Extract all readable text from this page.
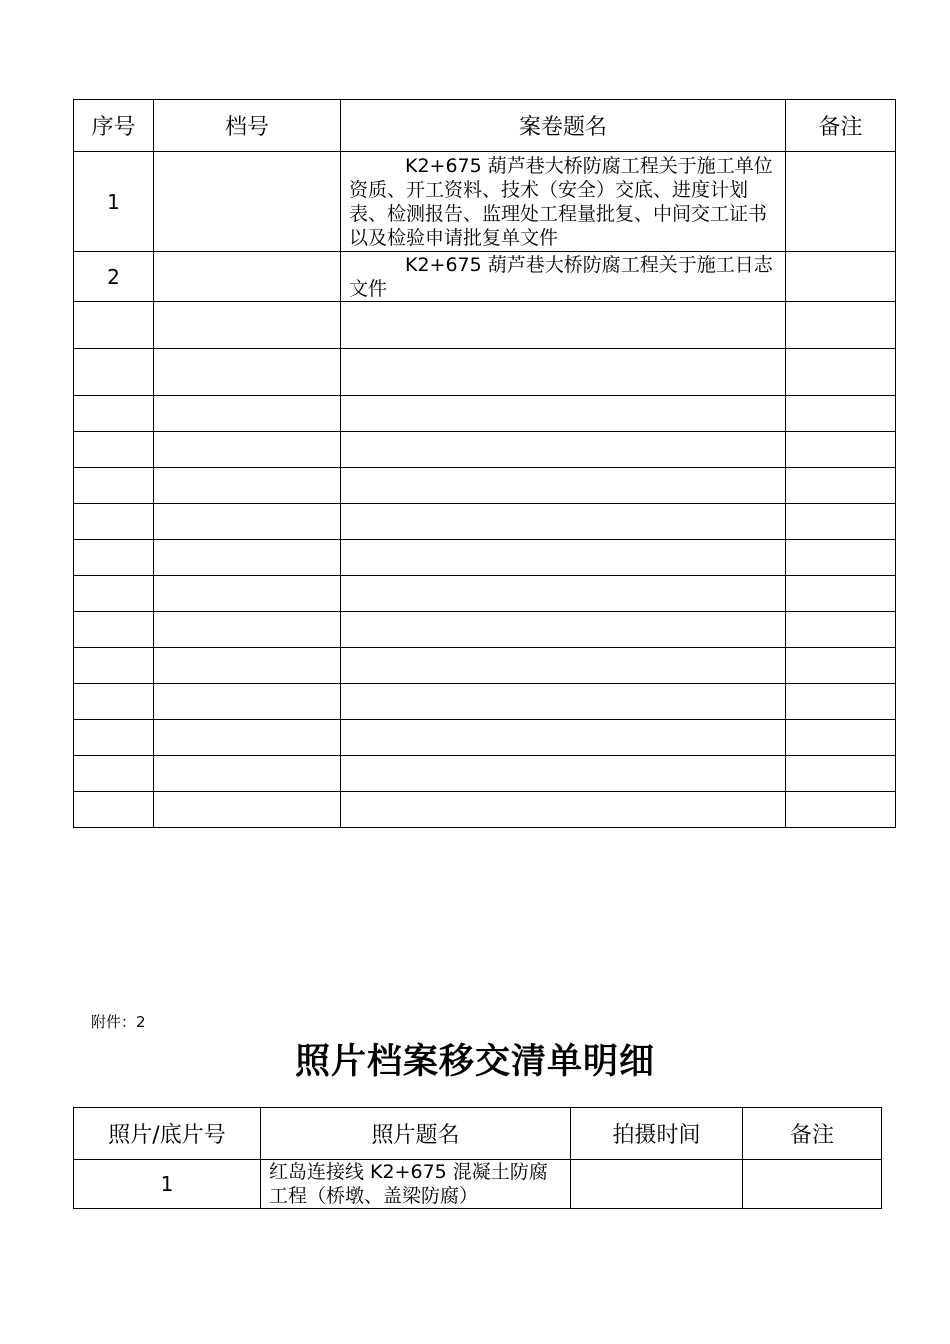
序号	档号	案卷题名	备注
1		K2+675 葫芦巷大桥防腐工程关于施工单位资质、开工资料、技术（安全）交底、进度计划表、检测报告、监理处工程量批复、中间交工证书以及检验申请批复单文件	
2		K2+675 葫芦巷大桥防腐工程关于施工日志文件	

附件：2
照片档案移交清单明细
照片/底片号	照片题名	拍摄时间	备注
1	红岛连接线 K2+675 混凝土防腐工程（桥墩、盖梁防腐）		
